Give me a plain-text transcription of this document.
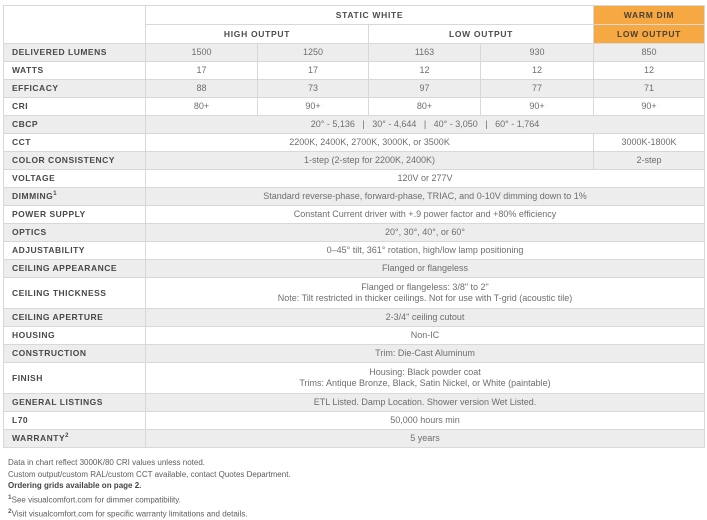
	STATIC WHITE				WARM DIM
	HIGH OUTPUT		LOW OUTPUT		LOW OUTPUT
DELIVERED LUMENS	1500	1250	1163	930	850
WATTS	17	17	12	12	12
EFFICACY	88	73	97	77	71
CRI	80+	90+	80+	90+	90+
CBCP	20° - 5,136   |   30° - 4,644   |   40° - 3,050   |   60° - 1,764				

CCT	2200K, 2400K, 2700K, 3000K, or 3500K				3000K-1800K
COLOR CONSISTENCY	1-step (2-step for 2200K, 2400K)				2-step
VOLTAGE	120V or 277V				

DIMMING$^1$	Standard reverse-phase, forward-phase, TRIAC, and 0-10V dimming down to 1%				

POWER SUPPLY	Constant Current driver with +.9 power factor and +80% efficiency				

OPTICS	20°, 30°, 40°, or 60°				

ADJUSTABILITY	0–45° tilt, 361° rotation, high/low lamp positioning				

CEILING APPEARANCE	Flanged or flangeless				

CEILING THICKNESS	Flanged or flangeless: 3/8" to 2"
Note: Tilt restricted in thicker ceilings. Not for use with T-grid (acoustic tile)				

CEILING APERTURE	2-3/4" ceiling cutout				

HOUSING	Non-IC				

CONSTRUCTION	Trim: Die-Cast Aluminum				

FINISH	Housing: Black powder coat
Trims: Antique Bronze, Black, Satin Nickel, or White (paintable)				

GENERAL LISTINGS	ETL Listed. Damp Location. Shower version Wet Listed.				

L70	50,000 hours min				

WARRANTY$^2$	5 years				
Data in chart reflect 3000K/80 CRI values unless noted.
Custom output/custom RAL/custom CCT available, contact Quotes Department.
Ordering grids available on page 2.
$^1$See visualcomfort.com for dimmer compatibility.
$^2$Visit visualcomfort.com for specific warranty limitations and details.
